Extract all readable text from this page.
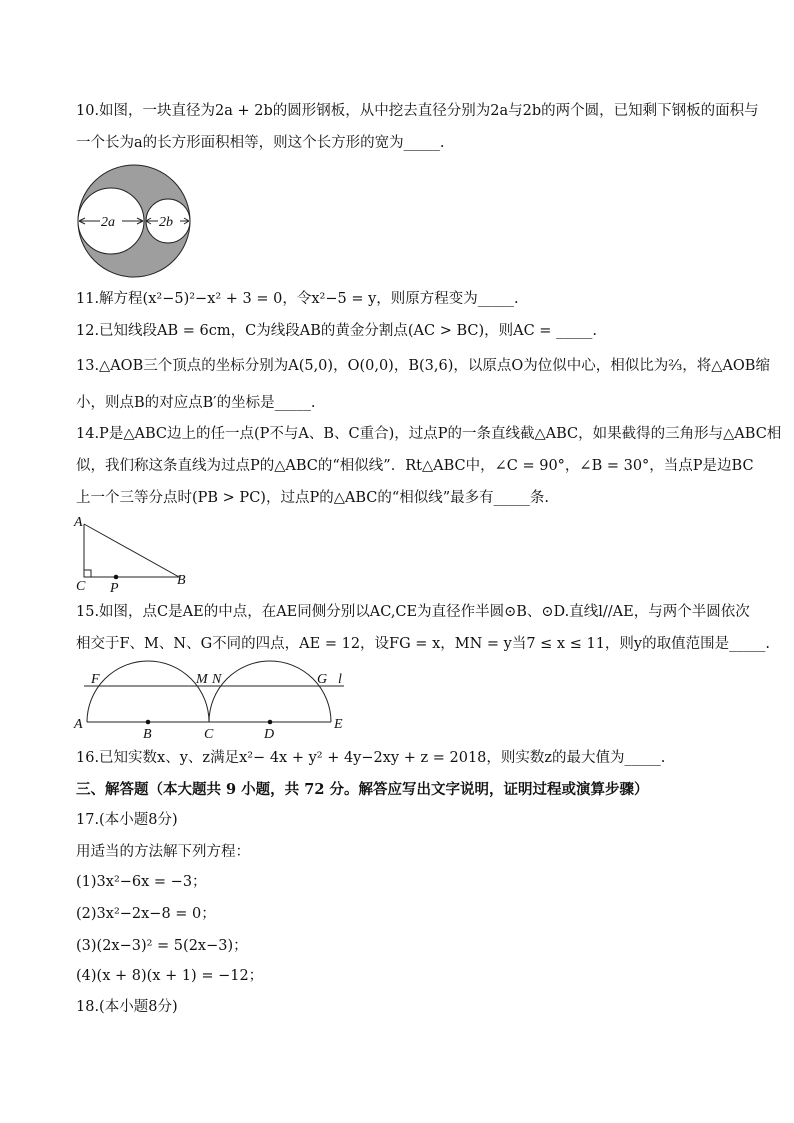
10.如图，一块直径为2a + 2b的圆形钢板，从中挖去直径分别为2a与2b的两个圆，已知剩下钢板的面积与
一个长为a的长方形面积相等，则这个长方形的宽为_____.
2a	2b
11.解方程(x²−5)²−x² + 3 = 0，令x²−5 = y，则原方程变为_____.
12.已知线段AB = 6cm，C为线段AB的黄金分割点(AC > BC)，则AC = _____.
13.△AOB三个顶点的坐标分别为A(5,0)，O(0,0)，B(3,6)，以原点O为位似中心，相似比为²⁄₃，将△AOB缩
小，则点B的对应点B′的坐标是_____.
14.P是△ABC边上的任一点(P不与A、B、C重合)，过点P的一条直线截△ABC，如果截得的三角形与△ABC相
似，我们称这条直线为过点P的△ABC的“相似线”．Rt△ABC中，∠C = 90°，∠B = 30°，当点P是边BC
上一个三等分点时(PB > PC)，过点P的△ABC的“相似线”最多有_____条.
A
C P
B
15.如图，点C是AE的中点，在AE同侧分别以AC,CE为直径作半圆⊙B、⊙D.直线l//AE，与两个半圆依次
相交于F、M、N、G不同的四点，AE = 12，设FG = x，MN = y当7 ≤ x ≤ 11，则y的取值范围是_____.
F	M N	G l
A
B	C	D
E
16.已知实数x、y、z满足x²− 4x + y² + 4y−2xy + z = 2018，则实数z的最大值为_____.
三、解答题（本大题共 9 小题，共 72 分。解答应写出文字说明，证明过程或演算步骤）
17.(本小题8分)
用适当的方法解下列方程：
(1)3x²−6x = −3；
(2)3x²−2x−8 = 0；
(3)(2x−3)² = 5(2x−3)；
(4)(x + 8)(x + 1) = −12；
18.(本小题8分)
